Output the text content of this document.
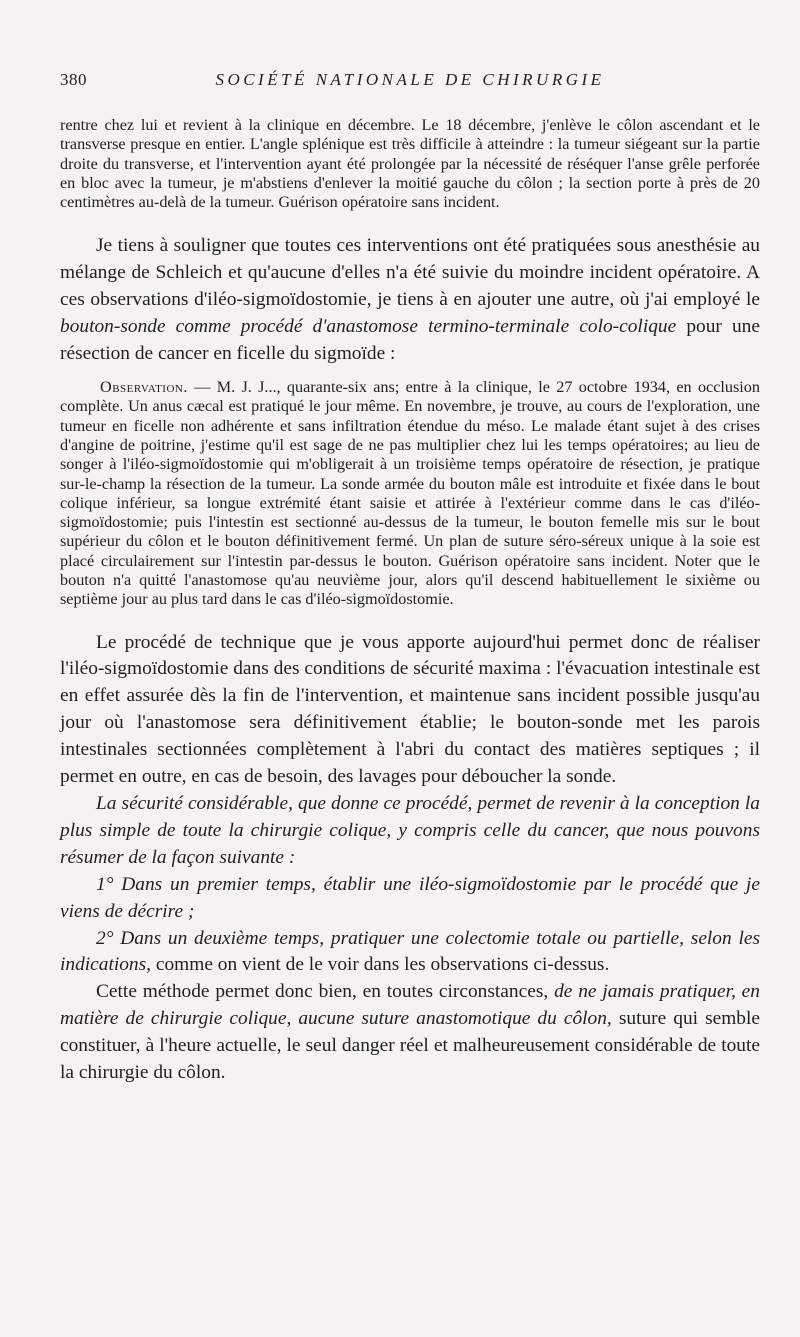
380	SOCIÉTÉ NATIONALE DE CHIRURGIE

rentre chez lui et revient à la clinique en décembre. Le 18 décembre, j'enlève le côlon ascendant et le transverse presque en entier. L'angle splénique est très difficile à atteindre : la tumeur siégeant sur la partie droite du transverse, et l'intervention ayant été prolongée par la nécessité de réséquer l'anse grêle perforée en bloc avec la tumeur, je m'abstiens d'enlever la moitié gauche du côlon ; la section porte à près de 20 centimètres au-delà de la tumeur. Guérison opératoire sans incident.

Je tiens à souligner que toutes ces interventions ont été pratiquées sous anesthésie au mélange de Schleich et qu'aucune d'elles n'a été suivie du moindre incident opératoire. A ces observations d'iléo-sigmoïdostomie, je tiens à en ajouter une autre, où j'ai employé le bouton-sonde comme procédé d'anastomose termino-terminale colo-colique pour une résection de cancer en ficelle du sigmoïde :

Observation. — M. J. J..., quarante-six ans; entre à la clinique, le 27 octobre 1934, en occlusion complète. Un anus cæcal est pratiqué le jour même. En novembre, je trouve, au cours de l'exploration, une tumeur en ficelle non adhérente et sans infiltration étendue du méso. Le malade étant sujet à des crises d'angine de poitrine, j'estime qu'il est sage de ne pas multiplier chez lui les temps opératoires; au lieu de songer à l'iléo-sigmoïdostomie qui m'obligerait à un troisième temps opératoire de résection, je pratique sur-le-champ la résection de la tumeur. La sonde armée du bouton mâle est introduite et fixée dans le bout colique inférieur, sa longue extrémité étant saisie et attirée à l'extérieur comme dans le cas d'iléo-sigmoïdostomie; puis l'intestin est sectionné au-dessus de la tumeur, le bouton femelle mis sur le bout supérieur du côlon et le bouton définitivement fermé. Un plan de suture séro-séreux unique à la soie est placé circulairement sur l'intestin par-dessus le bouton. Guérison opératoire sans incident. Noter que le bouton n'a quitté l'anastomose qu'au neuvième jour, alors qu'il descend habituellement le sixième ou septième jour au plus tard dans le cas d'iléo-sigmoïdostomie.

Le procédé de technique que je vous apporte aujourd'hui permet donc de réaliser l'iléo-sigmoïdostomie dans des conditions de sécurité maxima : l'évacuation intestinale est en effet assurée dès la fin de l'intervention, et maintenue sans incident possible jusqu'au jour où l'anastomose sera définitivement établie; le bouton-sonde met les parois intestinales sectionnées complètement à l'abri du contact des matières septiques ; il permet en outre, en cas de besoin, des lavages pour déboucher la sonde.

La sécurité considérable, que donne ce procédé, permet de revenir à la conception la plus simple de toute la chirurgie colique, y compris celle du cancer, que nous pouvons résumer de la façon suivante :

1° Dans un premier temps, établir une iléo-sigmoïdostomie par le procédé que je viens de décrire ;

2° Dans un deuxième temps, pratiquer une colectomie totale ou partielle, selon les indications, comme on vient de le voir dans les observations ci-dessus.

Cette méthode permet donc bien, en toutes circonstances, de ne jamais pratiquer, en matière de chirurgie colique, aucune suture anastomotique du côlon, suture qui semble constituer, à l'heure actuelle, le seul danger réel et malheureusement considérable de toute la chirurgie du côlon.
